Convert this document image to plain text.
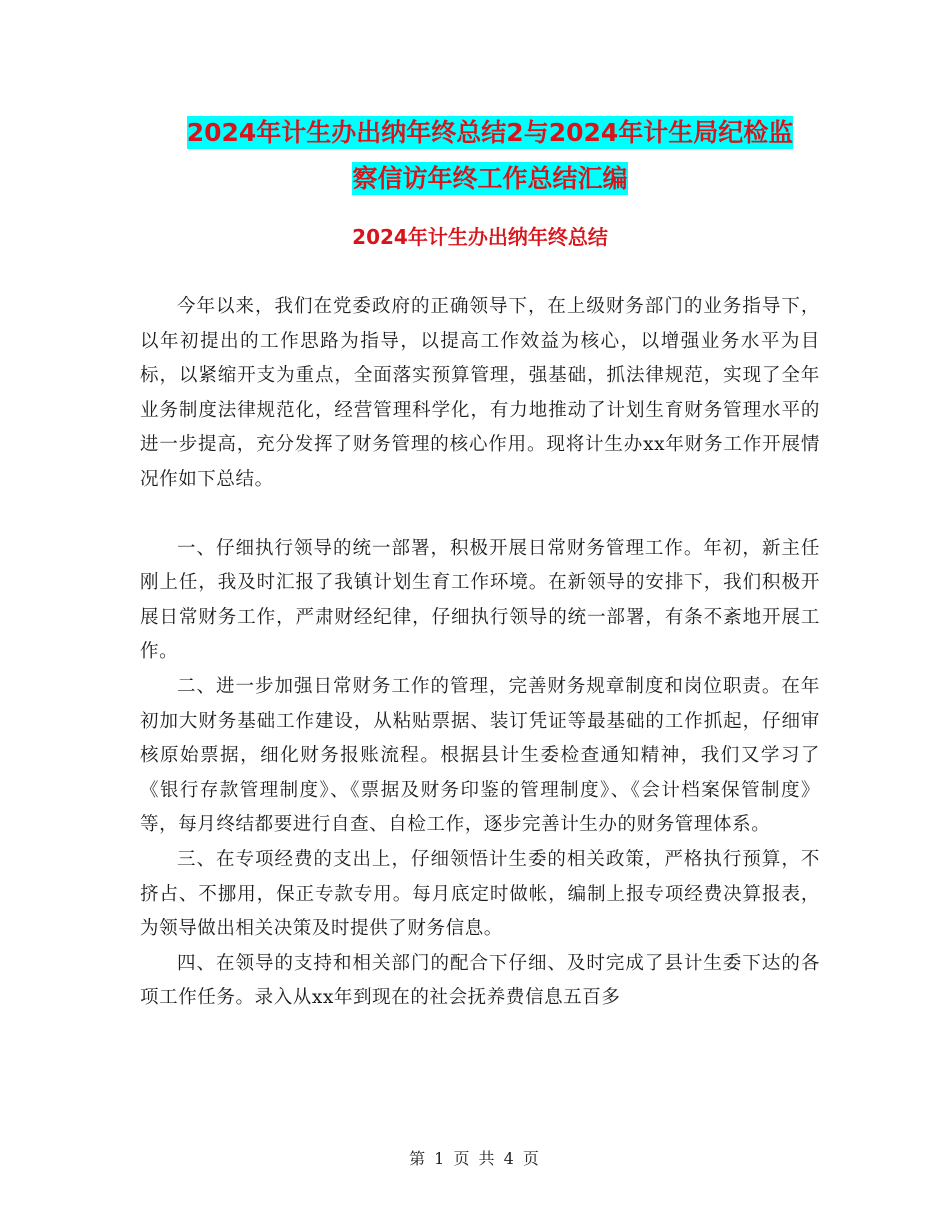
2024年计生办出纳年终总结2与2024年计生局纪检监
察信访年终工作总结汇编
2024年计生办出纳年终总结

今年以来，我们在党委政府的正确领导下，在上级财务部门的业务指导下，以年初提出的工作思路为指导，以提高工作效益为核心，以增强业务水平为目标，以紧缩开支为重点，全面落实预算管理，强基础，抓法律规范，实现了全年业务制度法律规范化，经营管理科学化，有力地推动了计划生育财务管理水平的进一步提高，充分发挥了财务管理的核心作用。现将计生办xx年财务工作开展情况作如下总结。

一、仔细执行领导的统一部署，积极开展日常财务管理工作。年初，新主任刚上任，我及时汇报了我镇计划生育工作环境。在新领导的安排下，我们积极开展日常财务工作，严肃财经纪律，仔细执行领导的统一部署，有条不紊地开展工作。

二、进一步加强日常财务工作的管理，完善财务规章制度和岗位职责。在年初加大财务基础工作建设，从粘贴票据、装订凭证等最基础的工作抓起，仔细审核原始票据，细化财务报账流程。根据县计生委检查通知精神，我们又学习了《银行存款管理制度》、《票据及财务印鉴的管理制度》、《会计档案保管制度》等，每月终结都要进行自查、自检工作，逐步完善计生办的财务管理体系。

三、在专项经费的支出上，仔细领悟计生委的相关政策，严格执行预算，不挤占、不挪用，保正专款专用。每月底定时做帐，编制上报专项经费决算报表，为领导做出相关决策及时提供了财务信息。

四、在领导的支持和相关部门的配合下仔细、及时完成了县计生委下达的各项工作任务。录入从xx年到现在的社会抚养费信息五百多

第 1 页 共 4 页
